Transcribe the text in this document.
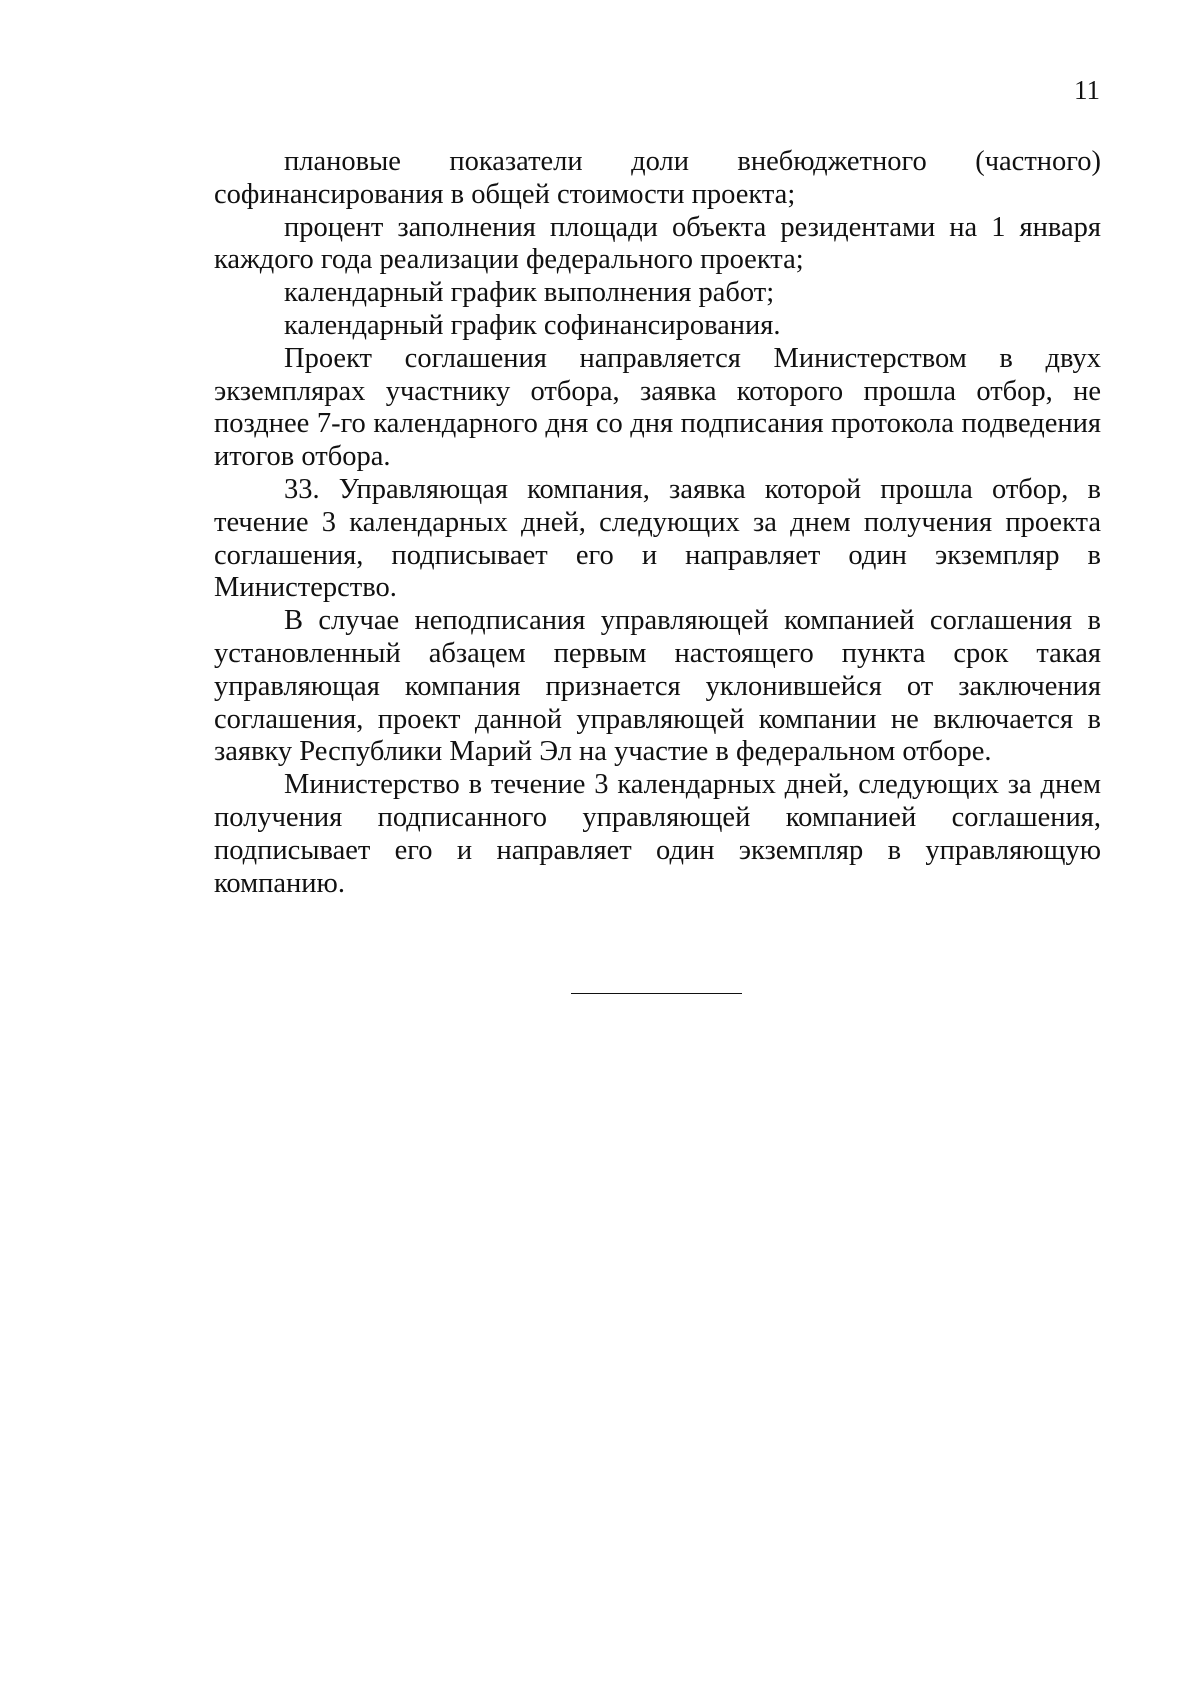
11

плановые показатели доли внебюджетного (частного) софинансирования в общей стоимости проекта;

процент заполнения площади объекта резидентами на 1 января каждого года реализации федерального проекта;

календарный график выполнения работ;

календарный график софинансирования.

Проект соглашения направляется Министерством в двух экземплярах участнику отбора, заявка которого прошла отбор, не позднее 7-го календарного дня со дня подписания протокола подведения итогов отбора.

33. Управляющая компания, заявка которой прошла отбор, в течение 3 календарных дней, следующих за днем получения проекта соглашения, подписывает его и направляет один экземпляр в Министерство.

В случае неподписания управляющей компанией соглашения в установленный абзацем первым настоящего пункта срок такая управляющая компания признается уклонившейся от заключения соглашения, проект данной управляющей компании не включается в заявку Республики Марий Эл на участие в федеральном отборе.

Министерство в течение 3 календарных дней, следующих за днем получения подписанного управляющей компанией соглашения, подписывает его и направляет один экземпляр в управляющую компанию.
